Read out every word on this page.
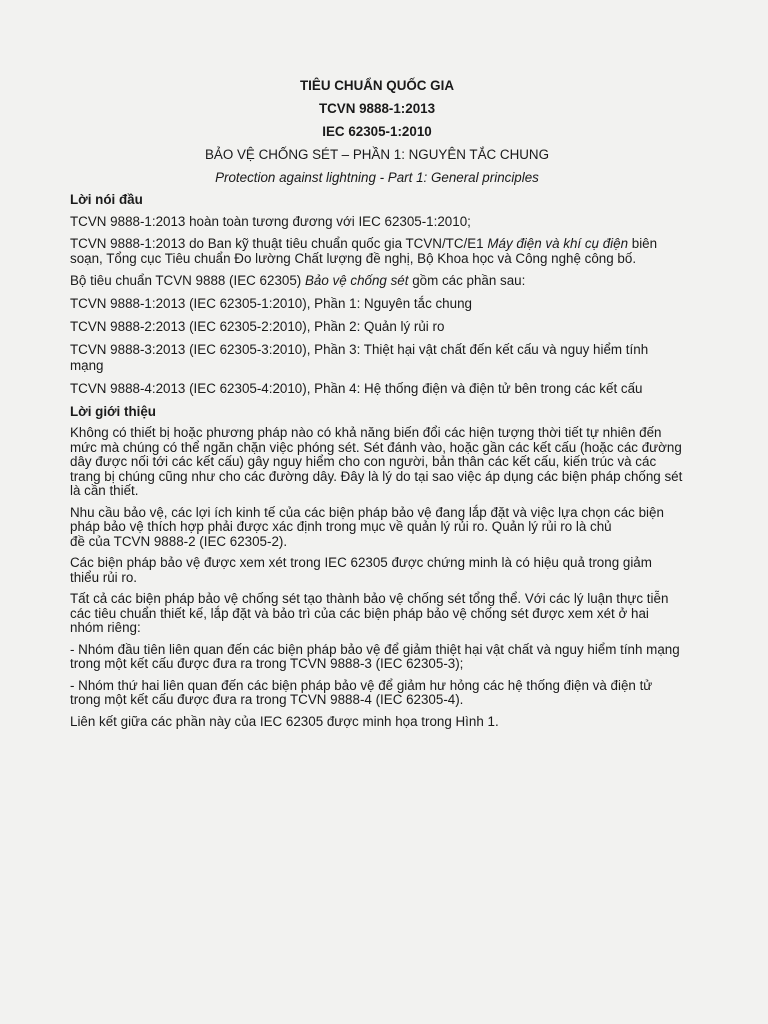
TIÊU CHUẨN QUỐC GIA
TCVN 9888-1:2013
IEC 62305-1:2010
BẢO VỆ CHỐNG SÉT – PHẦN 1: NGUYÊN TẮC CHUNG
Protection against lightning - Part 1: General principles
Lời nói đầu

TCVN 9888-1:2013 hoàn toàn tương đương với IEC 62305-1:2010;

TCVN 9888-1:2013 do Ban kỹ thuật tiêu chuẩn quốc gia TCVN/TC/E1 Máy điện và khí cụ điện biên soạn, Tổng cục Tiêu chuẩn Đo lường Chất lượng đề nghị, Bộ Khoa học và Công nghệ công bố.

Bộ tiêu chuẩn TCVN 9888 (IEC 62305) Bảo vệ chống sét gồm các phần sau:

TCVN 9888-1:2013 (IEC 62305-1:2010), Phần 1: Nguyên tắc chung

TCVN 9888-2:2013 (IEC 62305-2:2010), Phần 2: Quản lý rủi ro

TCVN 9888-3:2013 (IEC 62305-3:2010), Phần 3: Thiệt hại vật chất đến kết cấu và nguy hiểm tính mạng

TCVN 9888-4:2013 (IEC 62305-4:2010), Phần 4: Hệ thống điện và điện tử bên trong các kết cấu

Lời giới thiệu

Không có thiết bị hoặc phương pháp nào có khả năng biến đổi các hiện tượng thời tiết tự nhiên đến mức mà chúng có thể ngăn chặn việc phóng sét. Sét đánh vào, hoặc gần các kết cấu (hoặc các đường dây được nối tới các kết cấu) gây nguy hiểm cho con người, bản thân các kết cấu, kiến trúc và các trang bị chúng cũng như cho các đường dây. Đây là lý do tại sao việc áp dụng các biện pháp chống sét là cần thiết.

Nhu cầu bảo vệ, các lợi ích kinh tế của các biện pháp bảo vệ đang lắp đặt và việc lựa chọn các biện pháp bảo vệ thích hợp phải được xác định trong mục về quản lý rủi ro. Quản lý rủi ro là chủđề của TCVN 9888-2 (IEC 62305-2).

Các biện pháp bảo vệ được xem xét trong IEC 62305 được chứng minh là có hiệu quả trong giảm thiểu rủi ro.

Tất cả các biện pháp bảo vệ chống sét tạo thành bảo vệ chống sét tổng thể. Với các lý luận thực tiễn các tiêu chuẩn thiết kế, lắp đặt và bảo trì của các biện pháp bảo vệ chống sét được xem xét ở hai nhóm riêng:

- Nhóm đầu tiên liên quan đến các biện pháp bảo vệ để giảm thiệt hại vật chất và nguy hiểm tính mạng trong một kết cấu được đưa ra trong TCVN 9888-3 (IEC 62305-3);

- Nhóm thứ hai liên quan đến các biện pháp bảo vệ để giảm hư hỏng các hệ thống điện và điện tử trong một kết cấu được đưa ra trong TCVN 9888-4 (IEC 62305-4).

Liên kết giữa các phần này của IEC 62305 được minh họa trong Hình 1.
